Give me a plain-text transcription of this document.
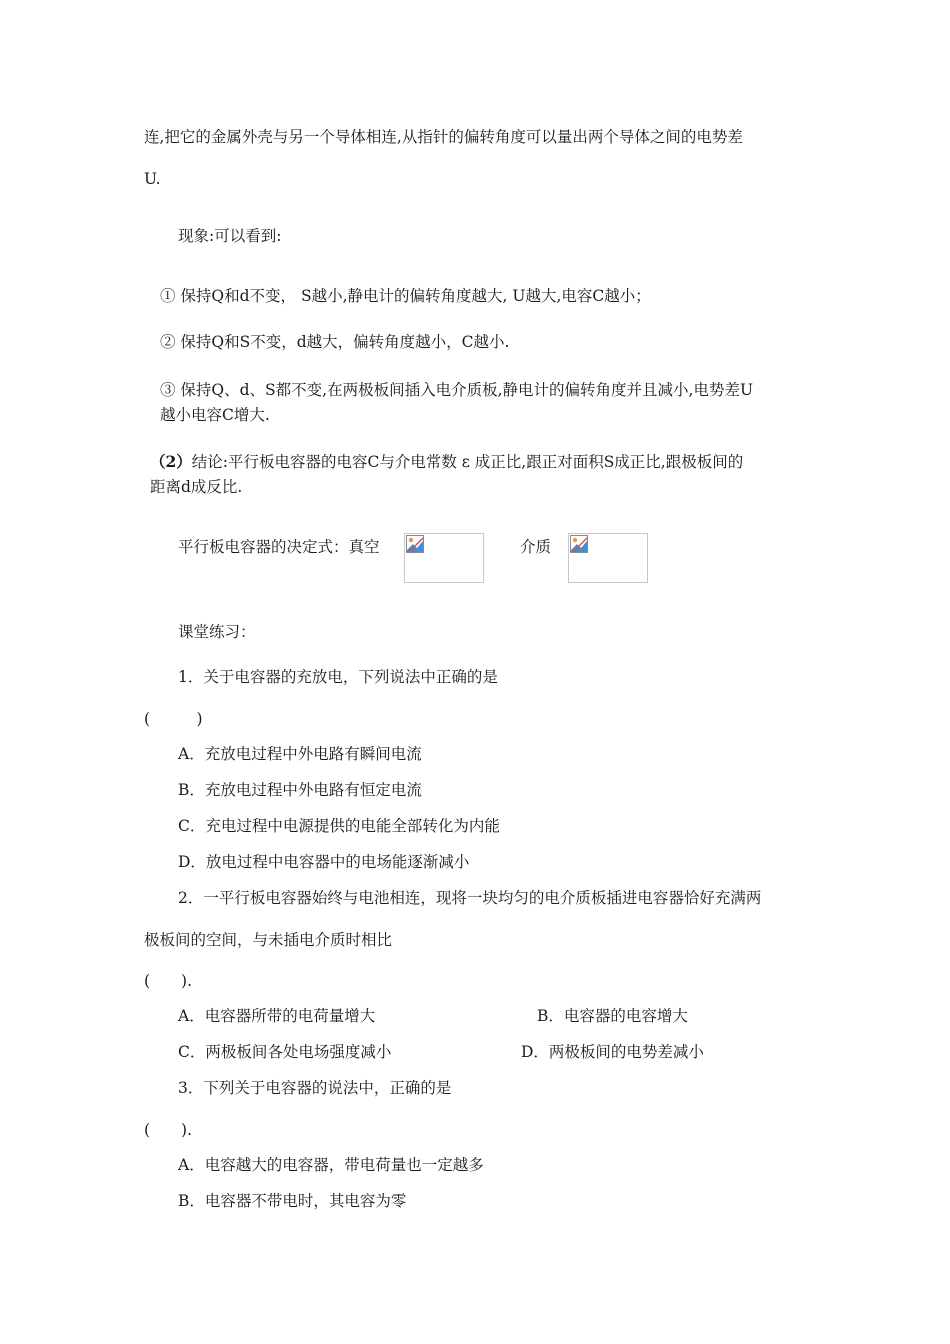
连,把它的金属外壳与另一个导体相连,从指针的偏转角度可以量出两个导体之间的电势差

U.

现象:可以看到:

① 保持Q和d不变， S越小,静电计的偏转角度越大, U越大,电容C越小；

② 保持Q和S不变，d越大，偏转角度越小，C越小.

③ 保持Q、d、S都不变,在两极板间插入电介质板,静电计的偏转角度并且减小,电势差U

越小电容C增大.

（2）结论:平行板电容器的电容C与介电常数 ε 成正比,跟正对面积S成正比,跟极板间的

距离d成反比.

平行板电容器的决定式：真空	介质

课堂练习：

1．关于电容器的充放电，下列说法中正确的是

(　　　)

A．充放电过程中外电路有瞬间电流

B．充放电过程中外电路有恒定电流

C．充电过程中电源提供的电能全部转化为内能

D．放电过程中电容器中的电场能逐渐减小

2．一平行板电容器始终与电池相连，现将一块均匀的电介质板插进电容器恰好充满两

极板间的空间，与未插电介质时相比

(　　).

A．电容器所带的电荷量增大	B．电容器的电容增大

C．两极板间各处电场强度减小	D．两极板间的电势差减小

3．下列关于电容器的说法中，正确的是

(　　).

A．电容越大的电容器，带电荷量也一定越多

B．电容器不带电时，其电容为零
